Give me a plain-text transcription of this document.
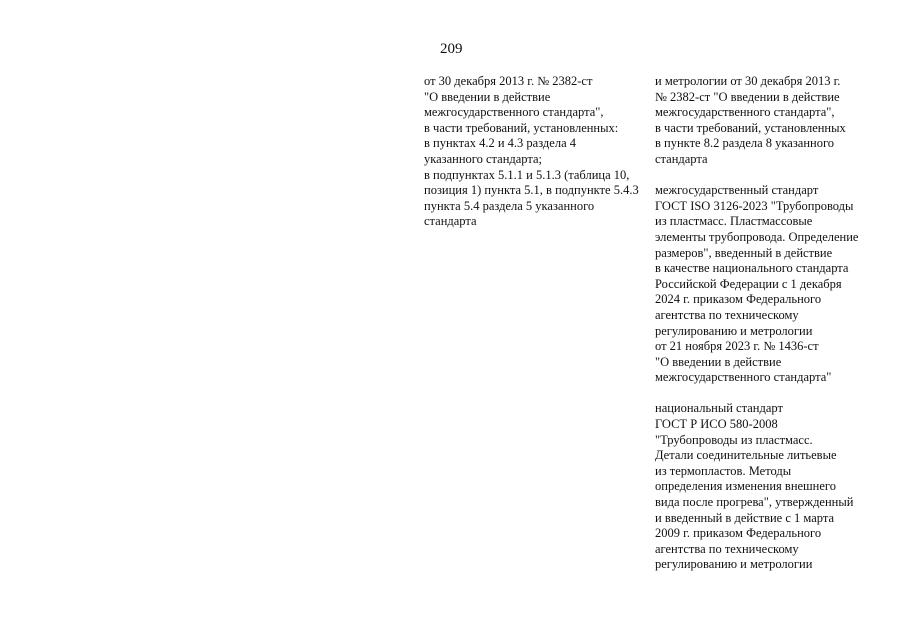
209
от 30 декабря 2013 г. № 2382-ст
"О введении в действие
межгосударственного стандарта",
в части требований, установленных:
в пунктах 4.2 и 4.3 раздела 4
указанного стандарта;
в подпунктах 5.1.1 и 5.1.3 (таблица 10,
позиция 1) пункта 5.1, в подпункте 5.4.3
пункта 5.4 раздела 5 указанного
стандарта
и метрологии от 30 декабря 2013 г.
№ 2382-ст "О введении в действие
межгосударственного стандарта",
в части требований, установленных
в пункте 8.2 раздела 8 указанного
стандарта
межгосударственный стандарт
ГОСТ ISO 3126-2023 "Трубопроводы
из пластмасс. Пластмассовые
элементы трубопровода. Определение
размеров", введенный в действие
в качестве национального стандарта
Российской Федерации с 1 декабря
2024 г. приказом Федерального
агентства по техническому
регулированию и метрологии
от 21 ноября 2023 г. № 1436-ст
"О введении в действие
межгосударственного стандарта"
национальный стандарт
ГОСТ Р ИСО 580-2008
"Трубопроводы из пластмасс.
Детали соединительные литьевые
из термопластов. Методы
определения изменения внешнего
вида после прогрева", утвержденный
и введенный в действие с 1 марта
2009 г. приказом Федерального
агентства по техническому
регулированию и метрологии
